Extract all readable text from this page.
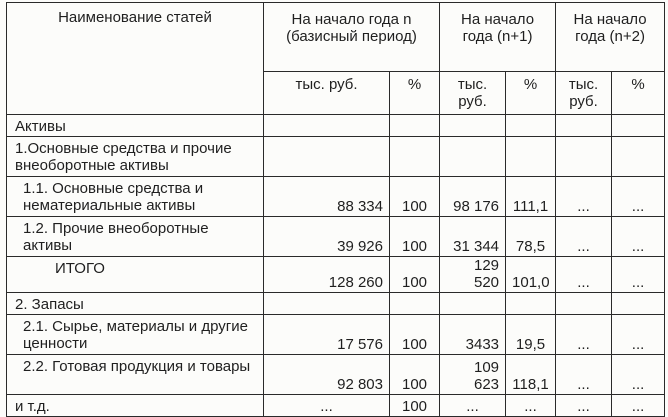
Наименование статей	На начало года n (базисный период)		На начало года (n+1)		На начало года (n+2)	
	тыс. руб.	%	тыс. руб.	%	тыс. руб.	%
Активы						
1.Основные средства и прочие внеоборотные активы						
1.1. Основные средства и нематериальные активы	88 334	100	98 176	111,1	...	...
1.2. Прочие внеоборотные активы	39 926	100	31 344	78,5	...	...
ИТОГО	128 260	100	129 520	101,0	...	...
2. Запасы						
2.1. Сырье, материалы и другие ценности	17 576	100	3433	19,5	...	...
2.2. Готовая продукция и товары	92 803	100	109 623	118,1	...	...
и т.д.	...	100	...	...	...	...
